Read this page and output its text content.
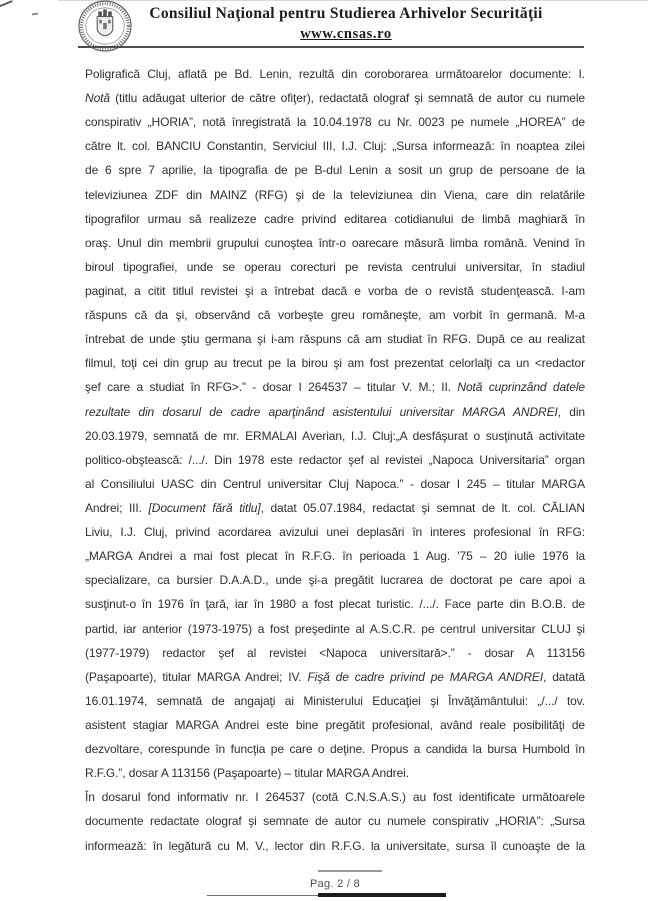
Consiliul Naţional pentru Studierea Arhivelor Securităţii
www.cnsas.ro
Poligrafică Cluj, aflată pe Bd. Lenin, rezultă din coroborarea următoarelor documente: I.
Notă (titlu adăugat ulterior de către ofiţer), redactată olograf şi semnată de autor cu numele
conspirativ „HORIA”, notă înregistrată la 10.04.1978 cu Nr. 0023 pe numele „HOREA” de
către lt. col. BANCIU Constantin, Serviciul III, I.J. Cluj: „Sursa informează: în noaptea zilei
de 6 spre 7 aprilie, la tipografia de pe B-dul Lenin a sosit un grup de persoane de la
televiziunea ZDF din MAINZ (RFG) şi de la televiziunea din Viena, care din relatările
tipografilor urmau să realizeze cadre privind editarea cotidianului de limbă maghiară în
oraş. Unul din membrii grupului cunoştea într-o oarecare măsură limba română. Venind în
biroul tipografiei, unde se operau corecturi pe revista centrului universitar, în stadiul
paginat, a citit titlul revistei şi a întrebat dacă e vorba de o revistă studenţească. I-am
răspuns că da şi, observând că vorbeşte greu româneşte, am vorbit în germană. M-a
întrebat de unde ştiu germana şi i-am răspuns că am studiat în RFG. După ce au realizat
filmul, toţi cei din grup au trecut pe la birou şi am fost prezentat celorlalţi ca un <redactor
şef care a studiat în RFG>.” - dosar I 264537 – titular V. M.; II. Notă cuprinzând datele
rezultate din dosarul de cadre aparţinând asistentului universitar MARGA ANDREI, din
20.03.1979, semnată de mr. ERMALAI Averian, I.J. Cluj:„A desfăşurat o susţinută activitate
politico-obştească: /.../. Din 1978 este redactor şef al revistei „Napoca Universitaria” organ
al Consiliului UASC din Centrul universitar Cluj Napoca.” - dosar I 245 – titular MARGA
Andrei; III. [Document fără titlu], datat 05.07.1984, redactat şi semnat de lt. col. CĂLIAN
Liviu, I.J. Cluj, privind acordarea avizului unei deplasări în interes profesional în RFG:
„MARGA Andrei a mai fost plecat în R.F.G. în perioada 1 Aug. '75 – 20 iulie 1976 la
specializare, ca bursier D.A.A.D., unde şi-a pregătit lucrarea de doctorat pe care apoi a
susţinut-o în 1976 în ţară, iar în 1980 a fost plecat turistic. /.../. Face parte din B.O.B. de
partid, iar anterior (1973-1975) a fost preşedinte al A.S.C.R. pe centrul universitar CLUJ şi
(1977-1979) redactor şef al revistei <Napoca universitară>.” - dosar A 113156
(Paşapoarte), titular MARGA Andrei; IV. Fişă de cadre privind pe MARGA ANDREI, datată
16.01.1974, semnată de angajaţi ai Ministerului Educaţiei şi Învăţământului: „/.../ tov.
asistent stagiar MARGA Andrei este bine pregătit profesional, având reale posibilităţi de
dezvoltare, corespunde în funcţia pe care o deţine. Propus a candida la bursa Humbold în
R.F.G.”, dosar A 113156 (Paşapoarte) – titular MARGA Andrei.
În dosarul fond informativ nr. I 264537 (cotă C.N.S.A.S.) au fost identificate următoarele
documente redactate olograf şi semnate de autor cu numele conspirativ „HORIA”: „Sursa
informează: în legătură cu M. V., lector din R.F.G. la universitate, sursa îl cunoaşte de la
Pag. 2 / 8
